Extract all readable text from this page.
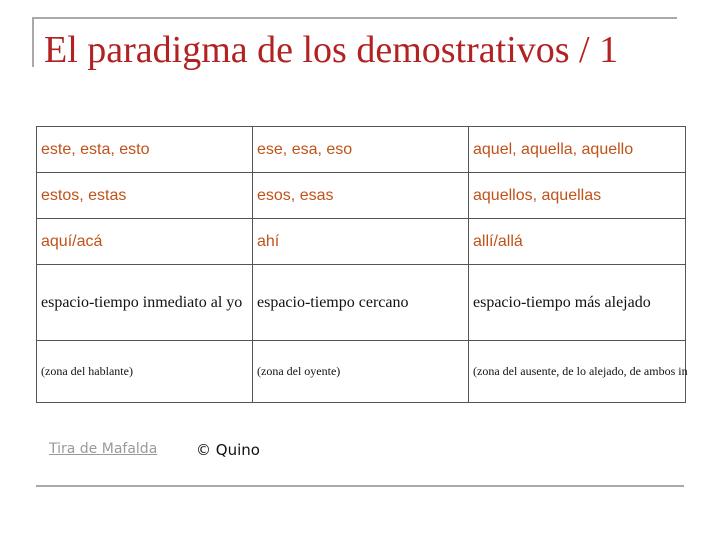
El paradigma de los demostrativos / 1
este, esta, esto	ese, esa, eso	aquel, aquella, aquello
estos, estas	esos, esas	aquellos, aquellas
aquí/acá	ahí	allí/allá
espacio-tiempo inmediato al yo	espacio-tiempo cercano	espacio-tiempo más alejado
(zona del hablante)	(zona del oyente)	(zona del ausente, de lo alejado, de ambos in
Tira de Mafalda	© Quino
